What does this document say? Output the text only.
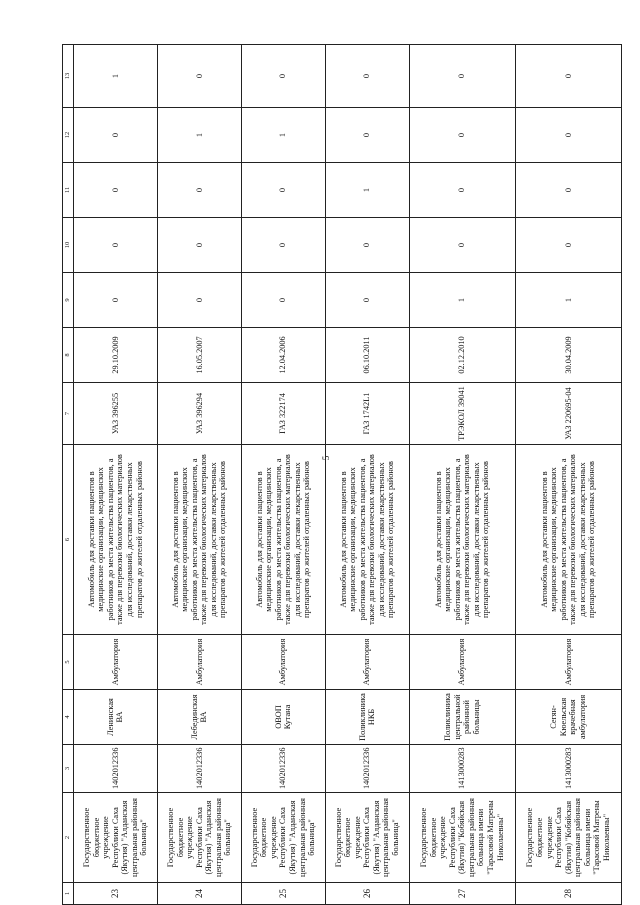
5
1	2	3	4	5	6	7	8	9	10	11	12	13
23	Государственное бюджетное учреждение Республики Саха (Якутия) "Алданская центральная районная больница"	1402012336	Ленинская ВА	Амбулатория	Автомобиль для доставки пациентов в медицинские организации, медицинских работников до места жительства пациентов, а также для перевозки биологических материалов для исследований, доставки лекарственных препаратов до жителей отдаленных районов	УАЗ 396255	29.10.2009	0	0	0	0	1
24	Государственное бюджетное учреждение Республики Саха (Якутия) "Алданская центральная районная больница"	1402012336	Лебединская ВА	Амбулатория	Автомобиль для доставки пациентов в медицинские организации, медицинских работников до места жительства пациентов, а также для перевозки биологических материалов для исследований, доставки лекарственных препаратов до жителей отдаленных районов	УАЗ 396294	16.05.2007	0	0	0	1	0
25	Государственное бюджетное учреждение Республики Саха (Якутия) "Алданская центральная районная больница"	1402012336	ОВОП Кутана	Амбулатория	Автомобиль для доставки пациентов в медицинские организации, медицинских работников до места жительства пациентов, а также для перевозки биологических материалов для исследований, доставки лекарственных препаратов до жителей отдаленных районов	ГАЗ 322174	12.04.2006	0	0	0	1	0
26	Государственное бюджетное учреждение Республики Саха (Якутия) "Алданская центральная районная больница"	1402012336	Поликлиника НКБ	Амбулатория	Автомобиль для доставки пациентов в медицинские организации, медицинских работников до места жительства пациентов, а также для перевозки биологических материалов для исследований, доставки лекарственных препаратов до жителей отдаленных районов	ГАЗ 1742L1	06.10.2011	0	0	1	0	0
27	Государственное бюджетное учреждение Республики Саха (Якутия) "Кобяйская центральная районная больница имени "Тарасовой Матрены Николаевны"	1413000283	Поликлиника центральной районной больницы	Амбулатория	Автомобиль для доставки пациентов в медицинские организации, медицинских работников до места жительства пациентов, а также для перевозки биологических материалов для исследований, доставки лекарственных препаратов до жителей отдаленных районов	ТРЭКОЛ 39041	02.12.2010	1	0	0	0	0
28	Государственное бюджетное учреждение Республики Саха (Якутия) "Кобяйская центральная районная больница имени "Тарасовой Матрены Николаевны"	1413000283	Сегян-Кюельская врачебная амбулатория	Амбулатория	Автомобиль для доставки пациентов в медицинские организации, медицинских работников до места жительства пациентов, а также для перевозки биологических материалов для исследований, доставки лекарственных препаратов до жителей отдаленных районов	УАЗ 220695-04	30.04.2009	1	0	0	0	0
